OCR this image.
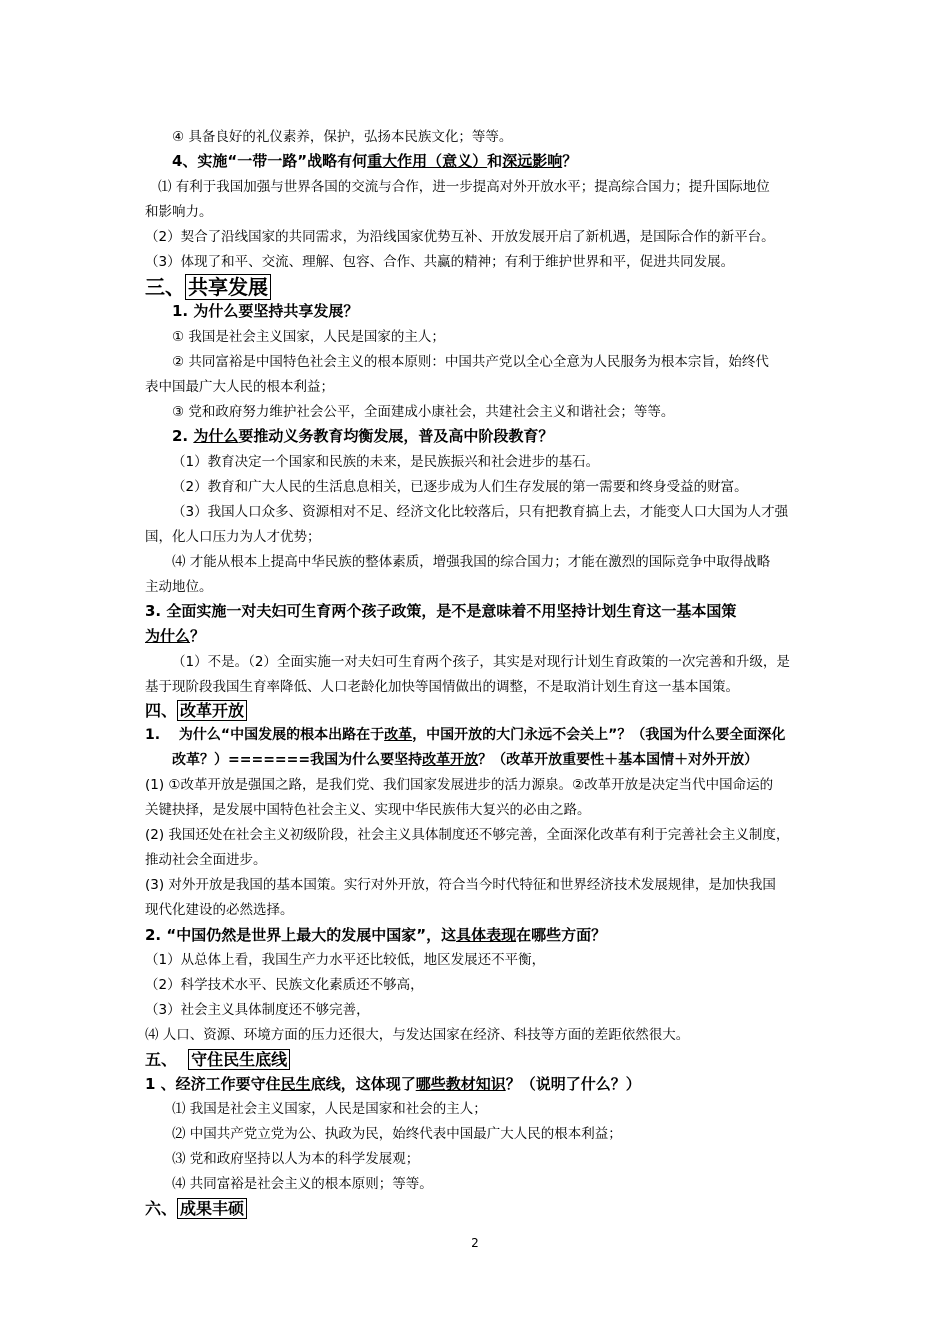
④ 具备良好的礼仪素养，保护，弘扬本民族文化；等等。
4、实施“一带一路”战略有何重大作用（意义）和深远影响？
⑴ 有利于我国加强与世界各国的交流与合作，进一步提高对外开放水平；提高综合国力；提升国际地位
和影响力。
（2）契合了沿线国家的共同需求，为沿线国家优势互补、开放发展开启了新机遇，是国际合作的新平台。
（3）体现了和平、交流、理解、包容、合作、共赢的精神；有利于维护世界和平，促进共同发展。
三、 共享发展
1. 为什么要坚持共享发展？
① 我国是社会主义国家，人民是国家的主人；
② 共同富裕是中国特色社会主义的根本原则：中国共产党以全心全意为人民服务为根本宗旨，始终代
表中国最广大人民的根本利益；
③ 党和政府努力维护社会公平，全面建成小康社会，共建社会主义和谐社会；等等。
2. 为什么要推动义务教育均衡发展，普及高中阶段教育？
（1）教育决定一个国家和民族的未来，是民族振兴和社会进步的基石。
（2）教育和广大人民的生活息息相关，已逐步成为人们生存发展的第一需要和终身受益的财富。
（3）我国人口众多、资源相对不足、经济文化比较落后，只有把教育搞上去，才能变人口大国为人才强
国，化人口压力为人才优势；
⑷ 才能从根本上提高中华民族的整体素质，增强我国的综合国力；才能在激烈的国际竞争中取得战略
主动地位。
3. 全面实施一对夫妇可生育两个孩子政策，是不是意味着不用坚持计划生育这一基本国策
为什么？
（1）不是。（2）全面实施一对夫妇可生育两个孩子，其实是对现行计划生育政策的一次完善和升级，是
基于现阶段我国生育率降低、人口老龄化加快等国情做出的调整，不是取消计划生育这一基本国策。
四、 改革开放
1.　 为什么“中国发展的根本出路在于改革，中国开放的大门永远不会关上”？（我国为什么要全面深化
改革？）=======我国为什么要坚持改革开放？（改革开放重要性＋基本国情＋对外开放）
(1) ①改革开放是强国之路，是我们党、我们国家发展进步的活力源泉。②改革开放是决定当代中国命运的
关键抉择，是发展中国特色社会主义、实现中华民族伟大复兴的必由之路。
(2) 我国还处在社会主义初级阶段，社会主义具体制度还不够完善，全面深化改革有利于完善社会主义制度，
推动社会全面进步。
(3) 对外开放是我国的基本国策。实行对外开放，符合当今时代特征和世界经济技术发展规律，是加快我国
现代化建设的必然选择。
2. “中国仍然是世界上最大的发展中国家”，这具体表现在哪些方面？
（1）从总体上看，我国生产力水平还比较低，地区发展还不平衡，
（2）科学技术水平、民族文化素质还不够高，
（3）社会主义具体制度还不够完善，
⑷ 人口、资源、环境方面的压力还很大，与发达国家在经济、科技等方面的差距依然很大。
五、 守住民生底线
1 、经济工作要守住民生底线，这体现了哪些教材知识？（说明了什么？）
⑴ 我国是社会主义国家，人民是国家和社会的主人；
⑵ 中国共产党立党为公、执政为民，始终代表中国最广大人民的根本利益；
⑶ 党和政府坚持以人为本的科学发展观；
⑷ 共同富裕是社会主义的根本原则；等等。
六、 成果丰硕
2
